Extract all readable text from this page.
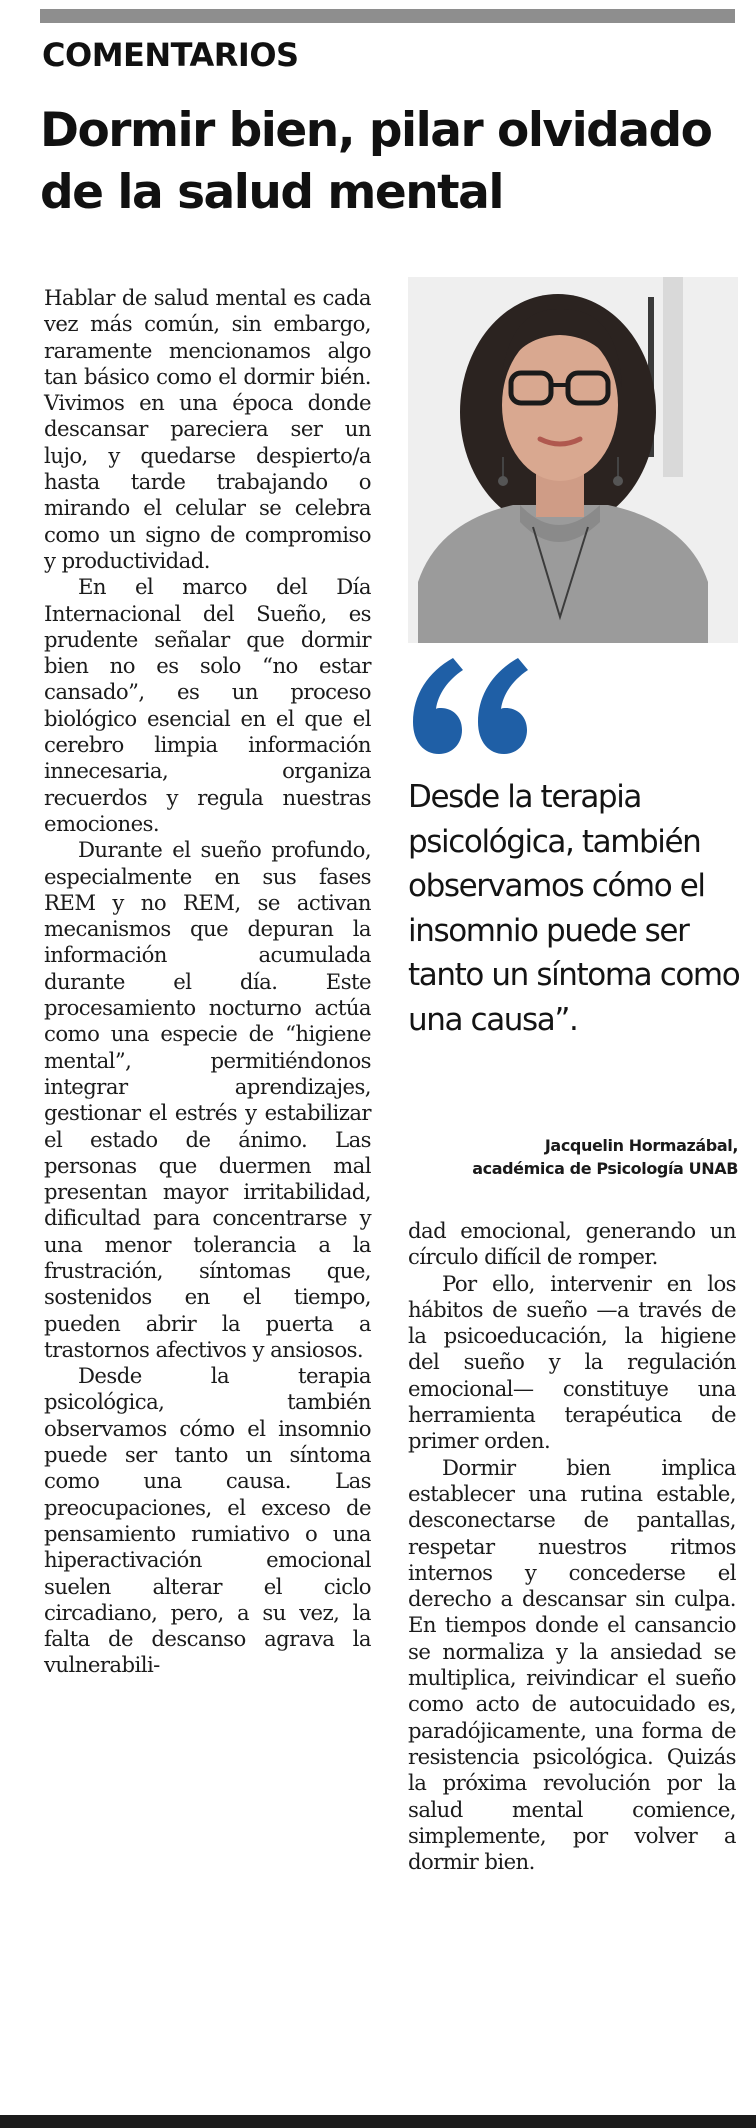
COMENTARIOS
Dormir bien, pilar olvidado de la salud mental

Hablar de salud mental es cada vez más común, sin embargo, raramente mencionamos algo tan básico como el dormir bién. Vivimos en una época donde descansar pareciera ser un lujo, y quedarse despierto/a hasta tarde trabajando o mirando el celular se celebra como un signo de compromiso y productividad.

En el marco del Día Internacional del Sueño, es prudente señalar que dormir bien no es solo “no estar cansado”, es un proceso biológico esencial en el que el cerebro limpia información innecesaria, organiza recuerdos y regula nuestras emociones.

Durante el sueño profundo, especialmente en sus fases REM y no REM, se activan mecanismos que depuran la información acumulada durante el día. Este procesamiento nocturno actúa como una especie de “higiene mental”, permitiéndonos integrar aprendizajes, gestionar el estrés y estabilizar el estado de ánimo. Las personas que duermen mal presentan mayor irritabilidad, dificultad para concentrarse y una menor tolerancia a la frustración, síntomas que, sostenidos en el tiempo, pueden abrir la puerta a trastornos afectivos y ansiosos.

Desde la terapia psicológica, también observamos cómo el insomnio puede ser tanto un síntoma como una causa. Las preocupaciones, el exceso de pensamiento rumiativo o una hiperactivación emocional suelen alterar el ciclo circadiano, pero, a su vez, la falta de descanso agrava la vulnerabili-

Desde la terapia psicológica, también observamos cómo el insomnio puede ser tanto un síntoma como una causa”.

Jacquelin Hormazábal,
académica de Psicología UNAB

dad emocional, generando un círculo difícil de romper.

Por ello, intervenir en los hábitos de sueño —a través de la psicoeducación, la higiene del sueño y la regulación emocional— constituye una herramienta terapéutica de primer orden.

Dormir bien implica establecer una rutina estable, desconectarse de pantallas, respetar nuestros ritmos internos y concederse el derecho a descansar sin culpa. En tiempos donde el cansancio se normaliza y la ansiedad se multiplica, reivindicar el sueño como acto de autocuidado es, paradójicamente, una forma de resistencia psicológica. Quizás la próxima revolución por la salud mental comience, simplemente, por volver a dormir bien.
